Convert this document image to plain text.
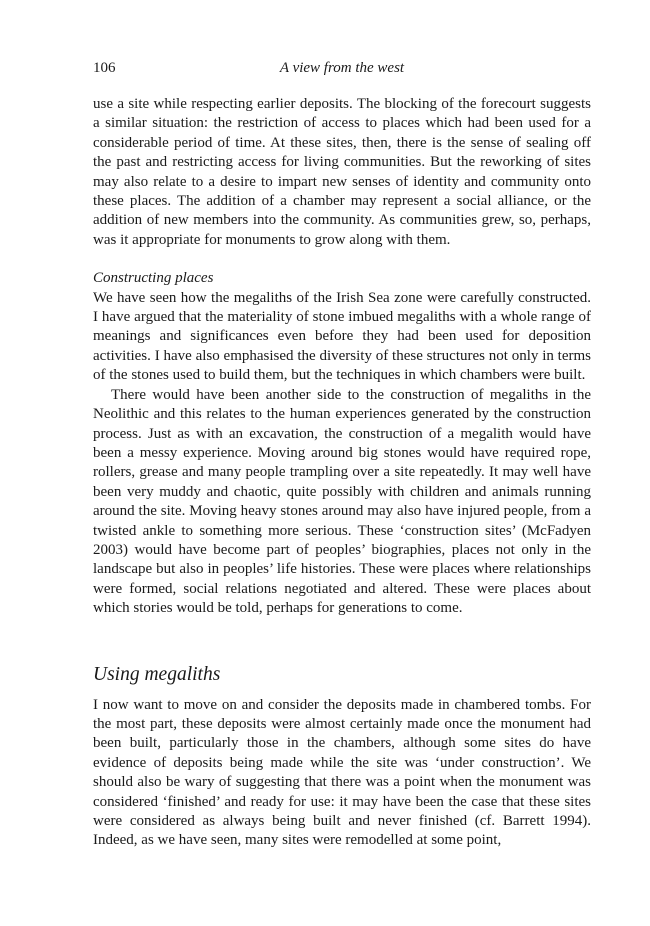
106	A view from the west

use a site while respecting earlier deposits. The blocking of the forecourt suggests a similar situation: the restriction of access to places which had been used for a considerable period of time. At these sites, then, there is the sense of sealing off the past and restricting access for living communities. But the reworking of sites may also relate to a desire to impart new senses of identity and community onto these places. The addition of a chamber may represent a social alliance, or the addition of new members into the community. As communities grew, so, perhaps, was it appropriate for monuments to grow along with them.

Constructing places

We have seen how the megaliths of the Irish Sea zone were carefully constructed. I have argued that the materiality of stone imbued megaliths with a whole range of meanings and significances even before they had been used for deposition activities. I have also emphasised the diversity of these structures not only in terms of the stones used to build them, but the techniques in which chambers were built.

There would have been another side to the construction of megaliths in the Neolithic and this relates to the human experiences generated by the construction process. Just as with an excavation, the construction of a megalith would have been a messy experience. Moving around big stones would have required rope, rollers, grease and many people trampling over a site repeatedly. It may well have been very muddy and chaotic, quite possibly with children and animals running around the site. Moving heavy stones around may also have injured people, from a twisted ankle to something more serious. These ‘construction sites’ (McFadyen 2003) would have become part of peoples’ biographies, places not only in the landscape but also in peoples’ life histories. These were places where relationships were formed, social relations negotiated and altered. These were places about which stories would be told, perhaps for generations to come.

Using megaliths

I now want to move on and consider the deposits made in chambered tombs. For the most part, these deposits were almost certainly made once the monument had been built, particularly those in the chambers, although some sites do have evidence of deposits being made while the site was ‘under construction’. We should also be wary of suggesting that there was a point when the monument was considered ‘finished’ and ready for use: it may have been the case that these sites were considered as always being built and never finished (cf. Barrett 1994). Indeed, as we have seen, many sites were remodelled at some point,
